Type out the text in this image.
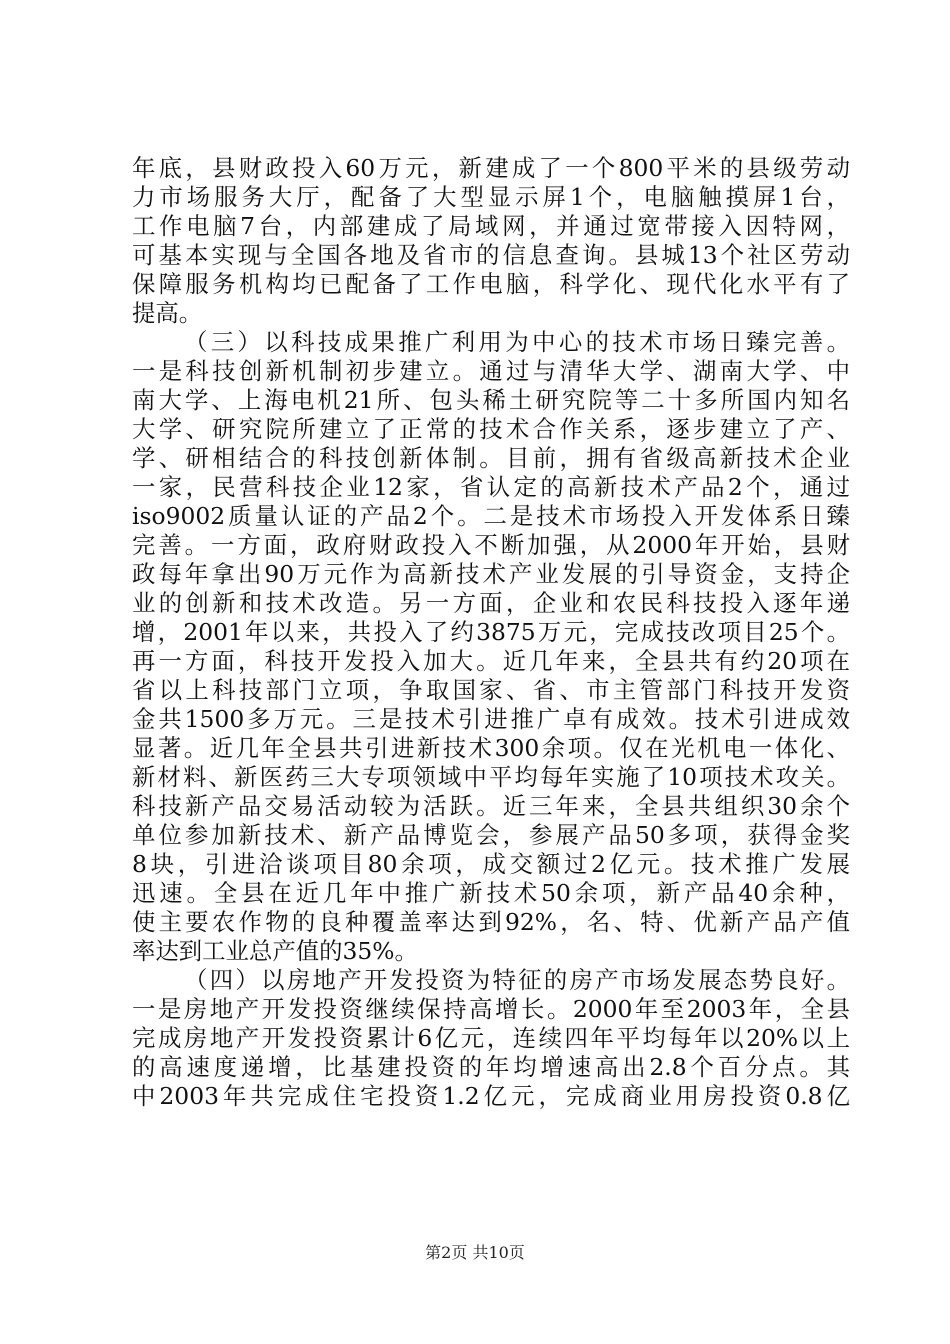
年底，县财政投入60万元，新建成了一个800平米的县级劳动
力市场服务大厅，配备了大型显示屏1个，电脑触摸屏1台，
工作电脑7台，内部建成了局域网，并通过宽带接入因特网，
可基本实现与全国各地及省市的信息查询。县城13个社区劳动
保障服务机构均已配备了工作电脑，科学化、现代化水平有了
提高。
（三）以科技成果推广利用为中心的技术市场日臻完善。
一是科技创新机制初步建立。通过与清华大学、湖南大学、中
南大学、上海电机21所、包头稀土研究院等二十多所国内知名
大学、研究院所建立了正常的技术合作关系，逐步建立了产、
学、研相结合的科技创新体制。目前，拥有省级高新技术企业
一家，民营科技企业12家，省认定的高新技术产品2个，通过
iso9002质量认证的产品2个。二是技术市场投入开发体系日臻
完善。一方面，政府财政投入不断加强，从2000年开始，县财
政每年拿出90万元作为高新技术产业发展的引导资金，支持企
业的创新和技术改造。另一方面，企业和农民科技投入逐年递
增，2001年以来，共投入了约3875万元，完成技改项目25个。
再一方面，科技开发投入加大。近几年来，全县共有约20项在
省以上科技部门立项，争取国家、省、市主管部门科技开发资
金共1500多万元。三是技术引进推广卓有成效。技术引进成效
显著。近几年全县共引进新技术300余项。仅在光机电一体化、
新材料、新医药三大专项领域中平均每年实施了10项技术攻关。
科技新产品交易活动较为活跃。近三年来，全县共组织30余个
单位参加新技术、新产品博览会，参展产品50多项，获得金奖
8块，引进洽谈项目80余项，成交额过2亿元。技术推广发展
迅速。全县在近几年中推广新技术50余项，新产品40余种，
使主要农作物的良种覆盖率达到92%，名、特、优新产品产值
率达到工业总产值的35%。
（四）以房地产开发投资为特征的房产市场发展态势良好。
一是房地产开发投资继续保持高增长。2000年至2003年，全县
完成房地产开发投资累计6亿元，连续四年平均每年以20%以上
的高速度递增，比基建投资的年均增速高出2.8个百分点。其
中2003年共完成住宅投资1.2亿元，完成商业用房投资0.8亿
第2页 共10页
